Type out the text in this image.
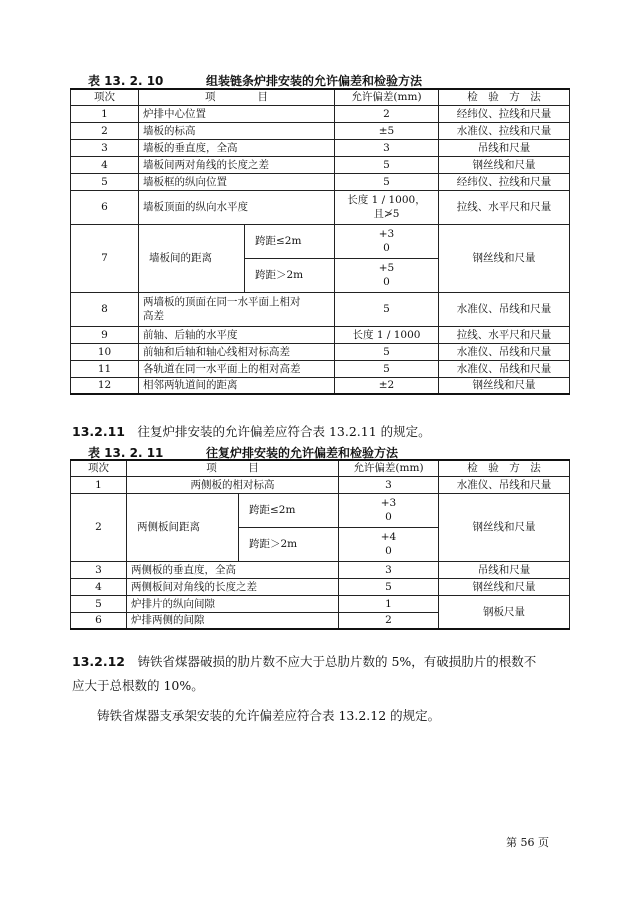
表 13. 2. 10	组装链条炉排安装的允许偏差和检验方法
项次	项　　　　目		允许偏差(mm)	检　验　方　法
1	炉排中心位置		2	经纬仪、拉线和尺量
2	墙板的标高		±5	水准仪、拉线和尺量
3	墙板的垂直度，全高		3	吊线和尺量
4	墙板间两对角线的长度之差		5	钢丝线和尺量
5	墙板框的纵向位置		5	经纬仪、拉线和尺量
6	墙板顶面的纵向水平度		长度 1 / 1000，
且≯5	拉线、水平尺和尺量
7	墙板间的距离	跨距≤2m	+3
0	钢丝线和尺量
		跨距＞2m	+5
0	

8	两墙板的顶面在同一水平面上相对
高差		5	水准仪、吊线和尺量
9	前轴、后轴的水平度		长度 1 / 1000	拉线、水平尺和尺量
10	前轴和后轴和轴心线相对标高差		5	水准仪、吊线和尺量
11	各轨道在同一水平面上的相对高差		5	水准仪、吊线和尺量
12	相邻两轨道间的距离		±2	钢丝线和尺量
13.2.11　往复炉排安装的允许偏差应符合表 13.2.11 的规定。
表 13. 2. 11	往复炉排安装的允许偏差和检验方法
项次	项　　　目		允许偏差(mm)	检　验　方　法
1	两侧板的相对标高		3	水准仪、吊线和尺量
2	两侧板间距离	跨距≤2m	+3
0	钢丝线和尺量
		跨距＞2m	+4
0	

3	两侧板的垂直度，全高		3	吊线和尺量
4	两侧板间对角线的长度之差		5	钢丝线和尺量
5	炉排片的纵向间隙		1	钢板尺量
6	炉排两侧的间隙		2	
13.2.12　铸铁省煤器破损的肋片数不应大于总肋片数的 5%，有破损肋片的根数不
应大于总根数的 10%。
　　铸铁省煤器支承架安装的允许偏差应符合表 13.2.12 的规定。
第 56 页
